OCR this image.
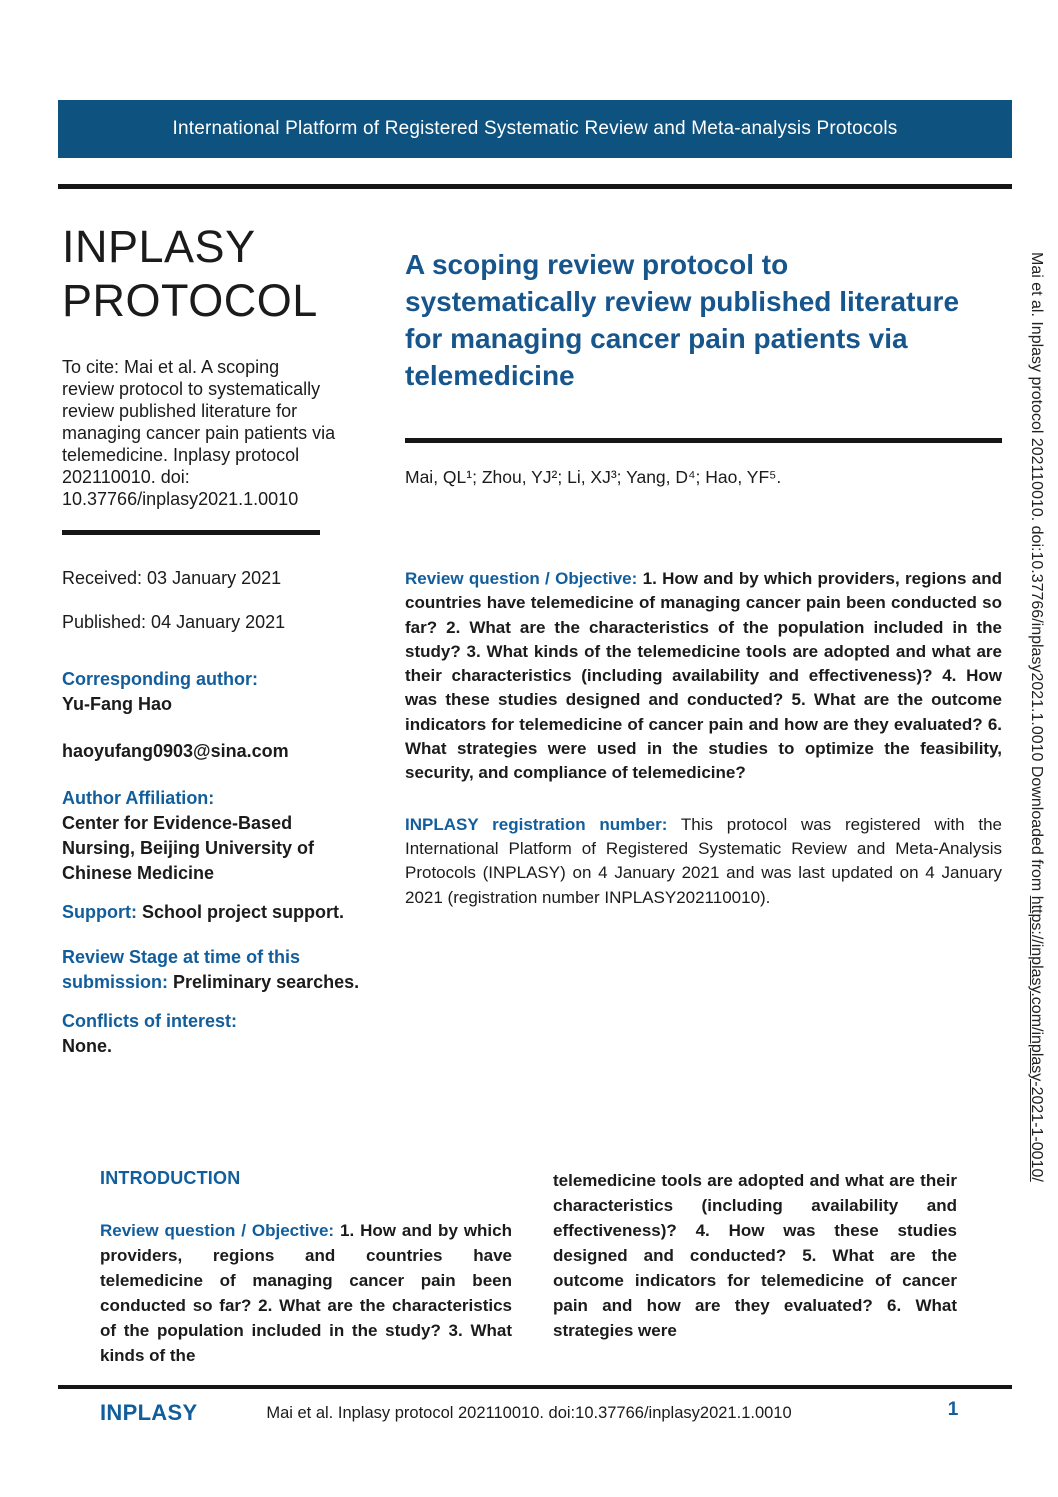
International Platform of Registered Systematic Review and Meta-analysis Protocols
INPLASY
PROTOCOL

To cite: Mai et al. A scoping review protocol to systematically review published literature for managing cancer pain patients via telemedicine. Inplasy protocol 202110010. doi: 10.37766/inplasy2021.1.0010

Received: 03 January 2021

Published: 04 January 2021

Corresponding author:
Yu-Fang Hao
haoyufang0903@sina.com
Author Affiliation:
Center for Evidence-Based Nursing, Beijing University of Chinese Medicine
Support: School project support.
Review Stage at time of this submission: Preliminary searches.
Conflicts of interest:
None.
A scoping review protocol to systematically review published literature for managing cancer pain patients via telemedicine

Mai, QL¹; Zhou, YJ²; Li, XJ³; Yang, D⁴; Hao, YF⁵.

Review question / Objective: 1. How and by which providers, regions and countries have telemedicine of managing cancer pain been conducted so far? 2. What are the characteristics of the population included in the study? 3. What kinds of the telemedicine tools are adopted and what are their characteristics (including availability and effectiveness)? 4. How was these studies designed and conducted? 5. What are the outcome indicators for telemedicine of cancer pain and how are they evaluated? 6. What strategies were used in the studies to optimize the feasibility, security, and compliance of telemedicine?

INPLASY registration number: This protocol was registered with the International Platform of Registered Systematic Review and Meta-Analysis Protocols (INPLASY) on 4 January 2021 and was last updated on 4 January 2021 (registration number INPLASY202110010).

INTRODUCTION

Review question / Objective: 1. How and by which providers, regions and countries have telemedicine of managing cancer pain been conducted so far? 2. What are the characteristics of the population included in the study? 3. What kinds of the

telemedicine tools are adopted and what are their characteristics (including availability and effectiveness)? 4. How was these studies designed and conducted? 5. What are the outcome indicators for telemedicine of cancer pain and how are they evaluated? 6. What strategies were

INPLASY	Mai et al. Inplasy protocol 202110010. doi:10.37766/inplasy2021.1.0010	1
Mai et al. Inplasy protocol 202110010. doi:10.37766/inplasy2021.1.0010 Downloaded from https://inplasy.com/inplasy-2021-1-0010/
